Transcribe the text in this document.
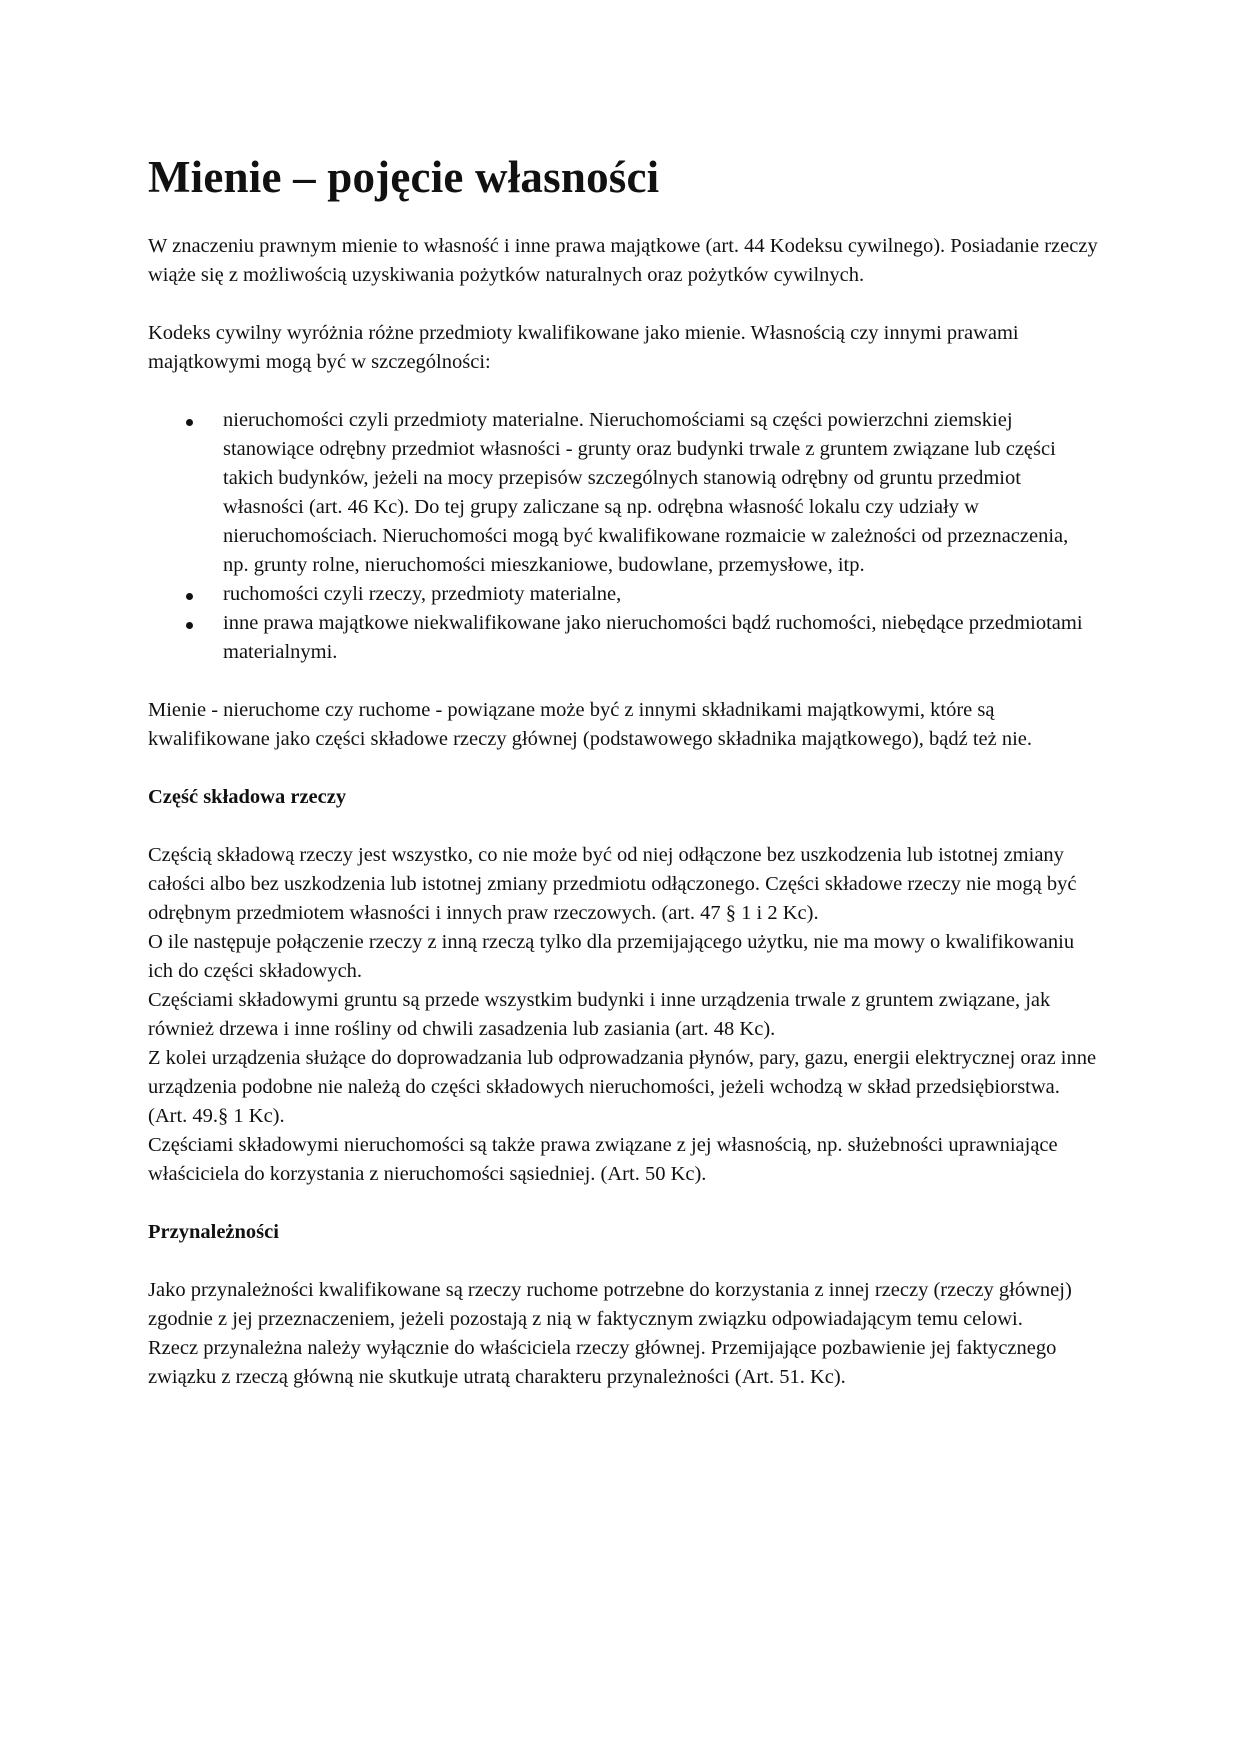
Mienie – pojęcie własności

W znaczeniu prawnym mienie to własność i inne prawa majątkowe (art. 44 Kodeksu cywilnego). Posiadanie rzeczy wiąże się z możliwością uzyskiwania pożytków naturalnych oraz pożytków cywilnych.

Kodeks cywilny wyróżnia różne przedmioty kwalifikowane jako mienie. Własnością czy innymi prawami majątkowymi mogą być w szczególności:

nieruchomości czyli przedmioty materialne. Nieruchomościami są części powierzchni ziemskiej stanowiące odrębny przedmiot własności - grunty oraz budynki trwale z gruntem związane lub części takich budynków, jeżeli na mocy przepisów szczególnych stanowią odrębny od gruntu przedmiot własności (art. 46 Kc). Do tej grupy zaliczane są np. odrębna własność lokalu czy udziały w nieruchomościach. Nieruchomości mogą być kwalifikowane rozmaicie w zależności od przeznaczenia, np. grunty rolne, nieruchomości mieszkaniowe, budowlane, przemysłowe, itp.
ruchomości czyli rzeczy, przedmioty materialne,
inne prawa majątkowe niekwalifikowane jako nieruchomości bądź ruchomości, niebędące przedmiotami materialnymi.

Mienie - nieruchome czy ruchome - powiązane może być z innymi składnikami majątkowymi, które są kwalifikowane jako części składowe rzeczy głównej (podstawowego składnika majątkowego), bądź też nie.

Część składowa rzeczy

Częścią składową rzeczy jest wszystko, co nie może być od niej odłączone bez uszkodzenia lub istotnej zmiany całości albo bez uszkodzenia lub istotnej zmiany przedmiotu odłączonego. Części składowe rzeczy nie mogą być odrębnym przedmiotem własności i innych praw rzeczowych. (art. 47 § 1 i 2 Kc).

O ile następuje połączenie rzeczy z inną rzeczą tylko dla przemijającego użytku, nie ma mowy o kwalifikowaniu ich do części składowych.

Częściami składowymi gruntu są przede wszystkim budynki i inne urządzenia trwale z gruntem związane, jak również drzewa i inne rośliny od chwili zasadzenia lub zasiania (art. 48 Kc).

Z kolei urządzenia służące do doprowadzania lub odprowadzania płynów, pary, gazu, energii elektrycznej oraz inne urządzenia podobne nie należą do części składowych nieruchomości, jeżeli wchodzą w skład przedsiębiorstwa. (Art. 49.§ 1 Kc).

Częściami składowymi nieruchomości są także prawa związane z jej własnością, np. służebności uprawniające właściciela do korzystania z nieruchomości sąsiedniej. (Art. 50 Kc).

Przynależności

Jako przynależności kwalifikowane są rzeczy ruchome potrzebne do korzystania z innej rzeczy (rzeczy głównej) zgodnie z jej przeznaczeniem, jeżeli pozostają z nią w faktycznym związku odpowiadającym temu celowi.

Rzecz przynależna należy wyłącznie do właściciela rzeczy głównej. Przemijające pozbawienie jej faktycznego związku z rzeczą główną nie skutkuje utratą charakteru przynależności (Art. 51. Kc).
